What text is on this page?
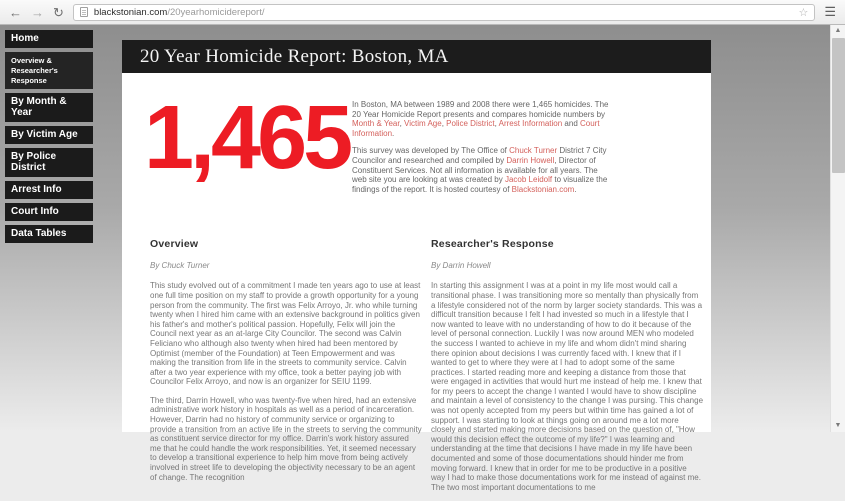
← → ↻	blackstonian.com/20yearhomicidereport/	☆ ☰
Home
Overview & Researcher's Response
By Month & Year
By Victim Age
By Police District
Arrest Info
Court Info
Data Tables
20 Year Homicide Report: Boston, MA
1,465 In Boston, MA between 1989 and 2008 there were 1,465 homicides. The 20 Year Homicide Report presents and compares homicide numbers by Month & Year, Victim Age, Police District, Arrest Information and Court Information.

This survey was developed by The Office of Chuck Turner District 7 City Councilor and researched and compiled by Darrin Howell, Director of Constituent Services. Not all information is available for all years. The web site you are looking at was created by Jacob Leidolf to visualize the findings of the report. It is hosted courtesy of Blackstonian.com.

Overview
By Chuck Turner

This study evolved out of a commitment I made ten years ago to use at least one full time position on my staff to provide a growth opportunity for a young person from the community. The first was Felix Arroyo, Jr. who while turning twenty when I hired him came with an extensive background in politics given his father's and mother's political passion. Hopefully, Felix will join the Council next year as an at-large City Councilor. The second was Calvin Feliciano who although also twenty when hired had been mentored by Optimist (member of the Foundation) at Teen Empowerment and was making the transition from life in the streets to community service. Calvin after a two year experience with my office, took a better paying job with Councilor Felix Arroyo, and now is an organizer for SEIU 1199.

The third, Darrin Howell, who was twenty-five when hired, had an extensive administrative work history in hospitals as well as a period of incarceration. However, Darrin had no history of community service or organizing to provide a transition from an active life in the streets to serving the community as constituent service director for my office. Darrin's work history assured me that he could handle the work responsibilities. Yet, it seemed necessary to develop a transitional experience to help him move from being actively involved in street life to developing the objectivity necessary to be an agent of change. The recognition

Researcher's Response
By Darrin Howell

In starting this assignment I was at a point in my life most would call a transitional phase. I was transitioning more so mentally than physically from a lifestyle considered not of the norm by larger society standards. This was a difficult transition because I felt I had invested so much in a lifestyle that I now wanted to leave with no understanding of how to do it because of the level of personal connection. Luckily I was now around MEN who modeled the success I wanted to achieve in my life and whom didn't mind sharing there opinion about decisions I was currently faced with. I knew that if I wanted to get to where they were at I had to adopt some of the same practices. I started reading more and keeping a distance from those that were engaged in activities that would hurt me instead of help me. I knew that for my peers to accept the change I wanted I would have to show discipline and maintain a level of consistency to the change I was pursing. This change was not openly accepted from my peers but within time has gained a lot of support. I was starting to look at things going on around me a lot more closely and started making more decisions based on the question of, "How would this decision effect the outcome of my life?" I was learning and understanding at the time that decisions I have made in my life have been documented and some of those documentations should hinder me from moving forward. I knew that in order for me to be productive in a positive way I had to make those documentations work for me instead of against me. The two most important documentations to me

▲
▼
